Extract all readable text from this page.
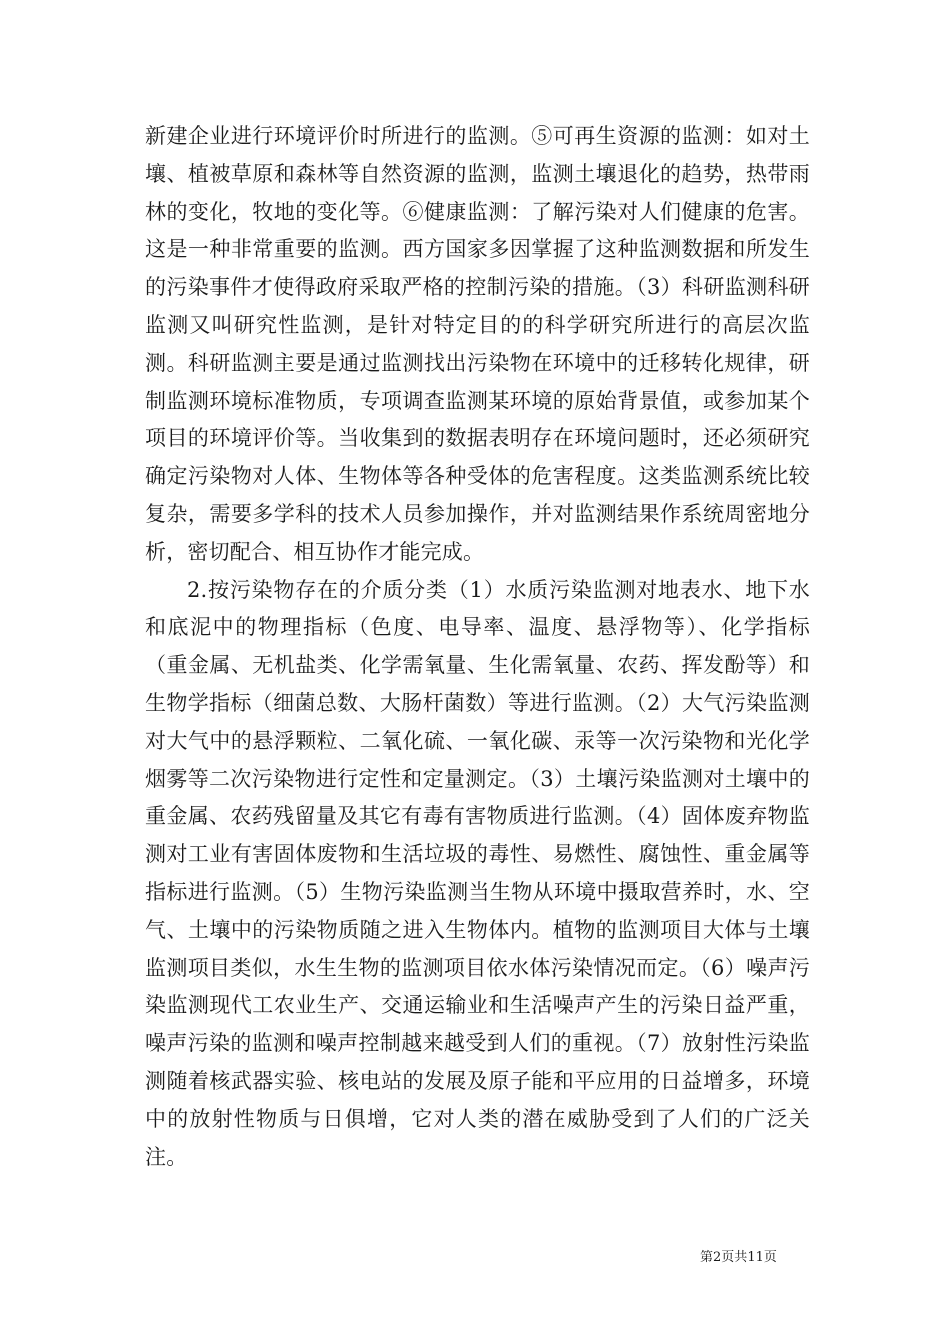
新建企业进行环境评价时所进行的监测。⑤可再生资源的监测：如对土壤、植被草原和森林等自然资源的监测，监测土壤退化的趋势，热带雨林的变化，牧地的变化等。⑥健康监测：了解污染对人们健康的危害。这是一种非常重要的监测。西方国家多因掌握了这种监测数据和所发生的污染事件才使得政府采取严格的控制污染的措施。（3）科研监测科研监测又叫研究性监测，是针对特定目的的科学研究所进行的高层次监测。科研监测主要是通过监测找出污染物在环境中的迁移转化规律，研制监测环境标准物质，专项调查监测某环境的原始背景值，或参加某个项目的环境评价等。当收集到的数据表明存在环境问题时，还必须研究确定污染物对人体、生物体等各种受体的危害程度。这类监测系统比较复杂，需要多学科的技术人员参加操作，并对监测结果作系统周密地分析，密切配合、相互协作才能完成。

2.按污染物存在的介质分类（1）水质污染监测对地表水、地下水和底泥中的物理指标（色度、电导率、温度、悬浮物等）、化学指标（重金属、无机盐类、化学需氧量、生化需氧量、农药、挥发酚等）和生物学指标（细菌总数、大肠杆菌数）等进行监测。（2）大气污染监测对大气中的悬浮颗粒、二氧化硫、一氧化碳、汞等一次污染物和光化学烟雾等二次污染物进行定性和定量测定。（3）土壤污染监测对土壤中的重金属、农药残留量及其它有毒有害物质进行监测。（4）固体废弃物监测对工业有害固体废物和生活垃圾的毒性、易燃性、腐蚀性、重金属等指标进行监测。（5）生物污染监测当生物从环境中摄取营养时，水、空气、土壤中的污染物质随之进入生物体内。植物的监测项目大体与土壤监测项目类似，水生生物的监测项目依水体污染情况而定。（6）噪声污染监测现代工农业生产、交通运输业和生活噪声产生的污染日益严重，噪声污染的监测和噪声控制越来越受到人们的重视。（7）放射性污染监测随着核武器实验、核电站的发展及原子能和平应用的日益增多，环境中的放射性物质与日俱增，它对人类的潜在威胁受到了人们的广泛关注。

第2页共11页
